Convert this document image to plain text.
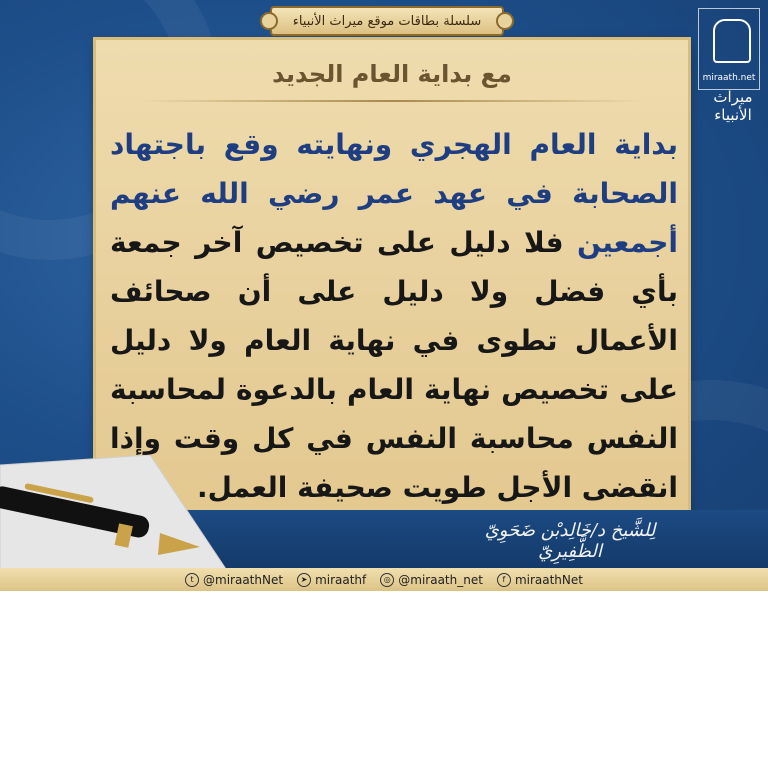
سلسلة بطاقات موقع ميراث الأنبياء
مع بداية العام الجديد
بداية العام الهجري ونهايته وقع باجتهاد الصحابة في عهد عمر رضي الله عنهم أجمعين فلا دليل على تخصيص آخر جمعة بأي فضل ولا دليل على أن صحائف الأعمال تطوى في نهاية العام ولا دليل على تخصيص نهاية العام بالدعوة لمحاسبة النفس محاسبة النفس في كل وقت وإذا انقضى الأجل طويت صحيفة العمل.
لِلشَّيخ د/خَالِدبْن ضَحَوِيّ الظَّفِيرِيّ
miraath.net
ميراث الأنبياء
t @miraathNet	➤ miraathf	◎ @miraath_net	f miraathNet
